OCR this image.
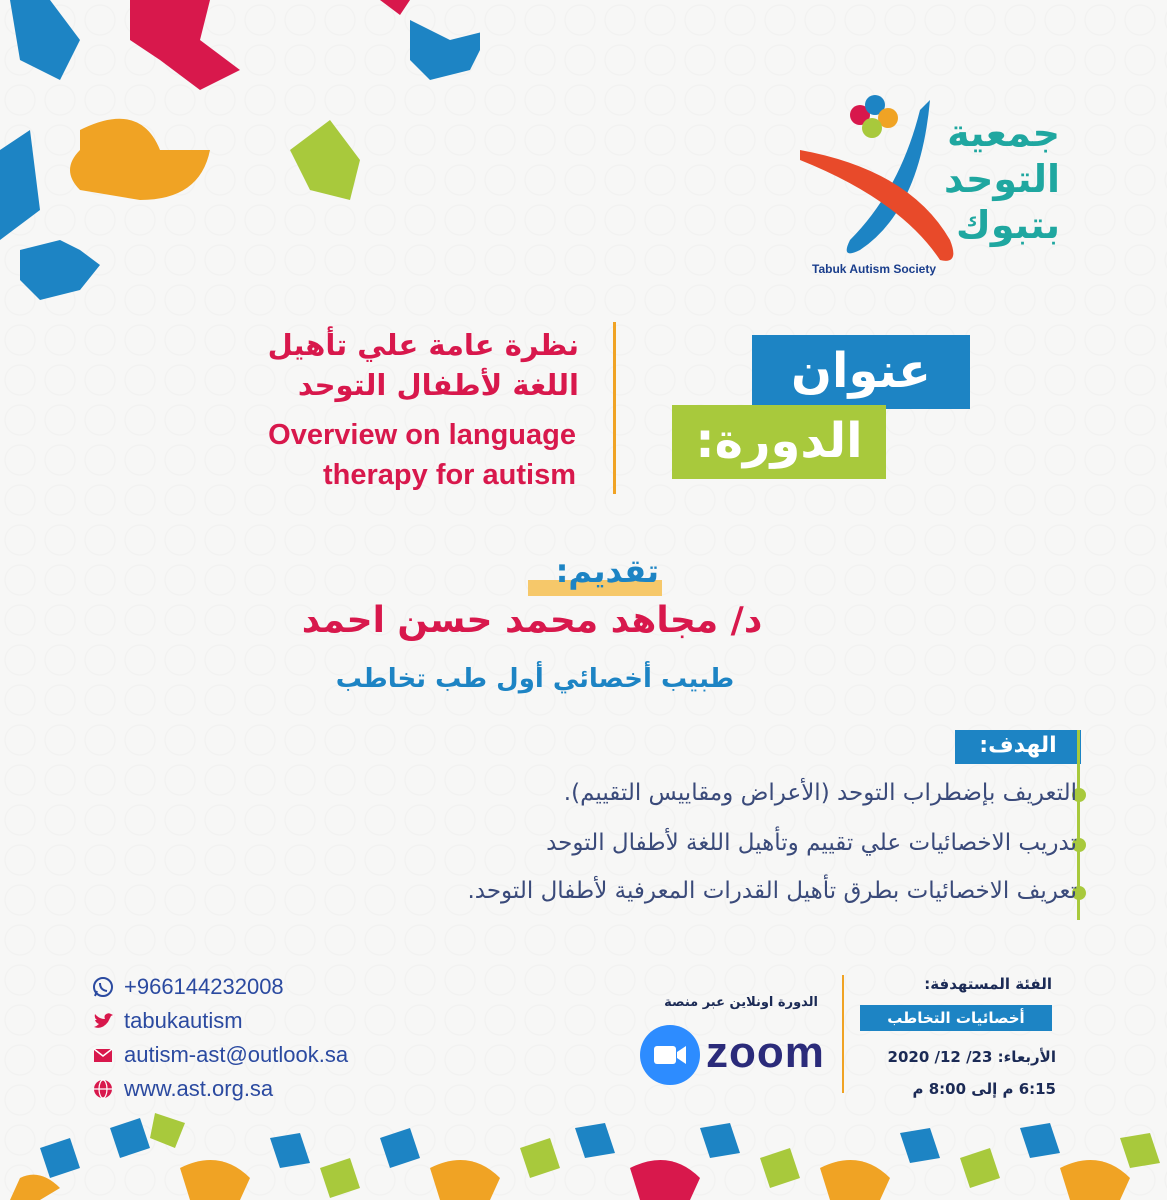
Tabuk Autism Society
جمعية
التوحد
بتبوك
عنوان
الدورة:
نظرة عامة علي تأهيل
اللغة لأطفال التوحد
Overview on language
therapy for autism
تقديم:
د/ مجاهد محمد حسن احمد
طبيب أخصائي أول طب تخاطب
الهدف:
التعريف بإضطراب التوحد (الأعراض ومقاييس التقييم).
تدريب الاخصائيات علي تقييم وتأهيل اللغة لأطفال التوحد
تعريف الاخصائيات بطرق تأهيل القدرات المعرفية لأطفال التوحد.
+966144232008
tabukautism
autism-ast@outlook.sa
www.ast.org.sa
الدورة اونلاين عبر منصة
zoom
الفئة المستهدفة:
أخصائيات التخاطب
الأربعاء: 23/ 12/ 2020
6:15 م إلى 8:00 م
